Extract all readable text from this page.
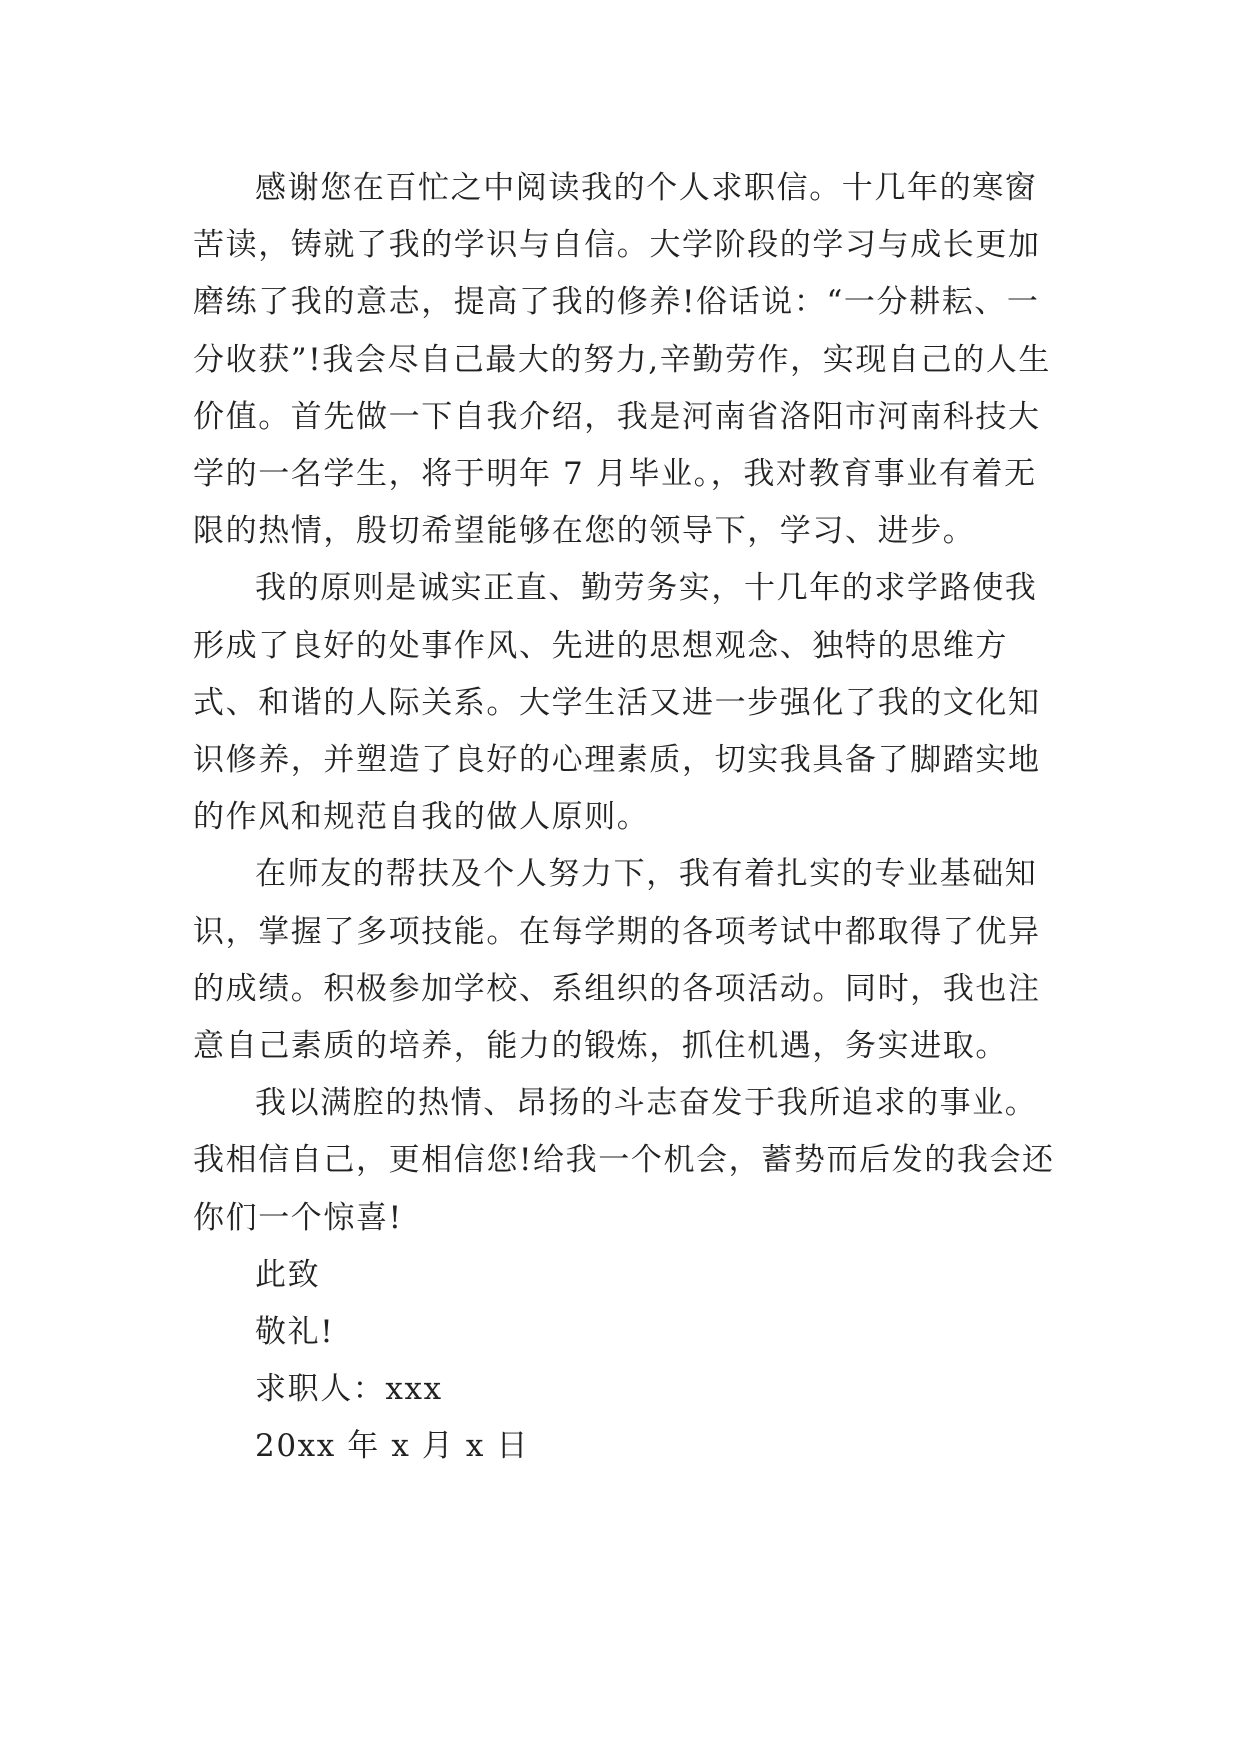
感谢您在百忙之中阅读我的个人求职信。十几年的寒窗苦读，铸就了我的学识与自信。大学阶段的学习与成长更加磨练了我的意志，提高了我的修养!俗话说：“一分耕耘、一分收获”!我会尽自己最大的努力,辛勤劳作，实现自己的人生价值。首先做一下自我介绍，我是河南省洛阳市河南科技大学的一名学生，将于明年 7 月毕业。，我对教育事业有着无限的热情，殷切希望能够在您的领导下，学习、进步。

我的原则是诚实正直、勤劳务实，十几年的求学路使我形成了良好的处事作风、先进的思想观念、独特的思维方式、和谐的人际关系。大学生活又进一步强化了我的文化知识修养，并塑造了良好的心理素质，切实我具备了脚踏实地的作风和规范自我的做人原则。

在师友的帮扶及个人努力下，我有着扎实的专业基础知识，掌握了多项技能。在每学期的各项考试中都取得了优异的成绩。积极参加学校、系组织的各项活动。同时，我也注意自己素质的培养，能力的锻炼，抓住机遇，务实进取。

我以满腔的热情、昂扬的斗志奋发于我所追求的事业。我相信自己，更相信您!给我一个机会，蓄势而后发的我会还你们一个惊喜!

此致

敬礼!

求职人：xxx

20xx 年 x 月 x 日
